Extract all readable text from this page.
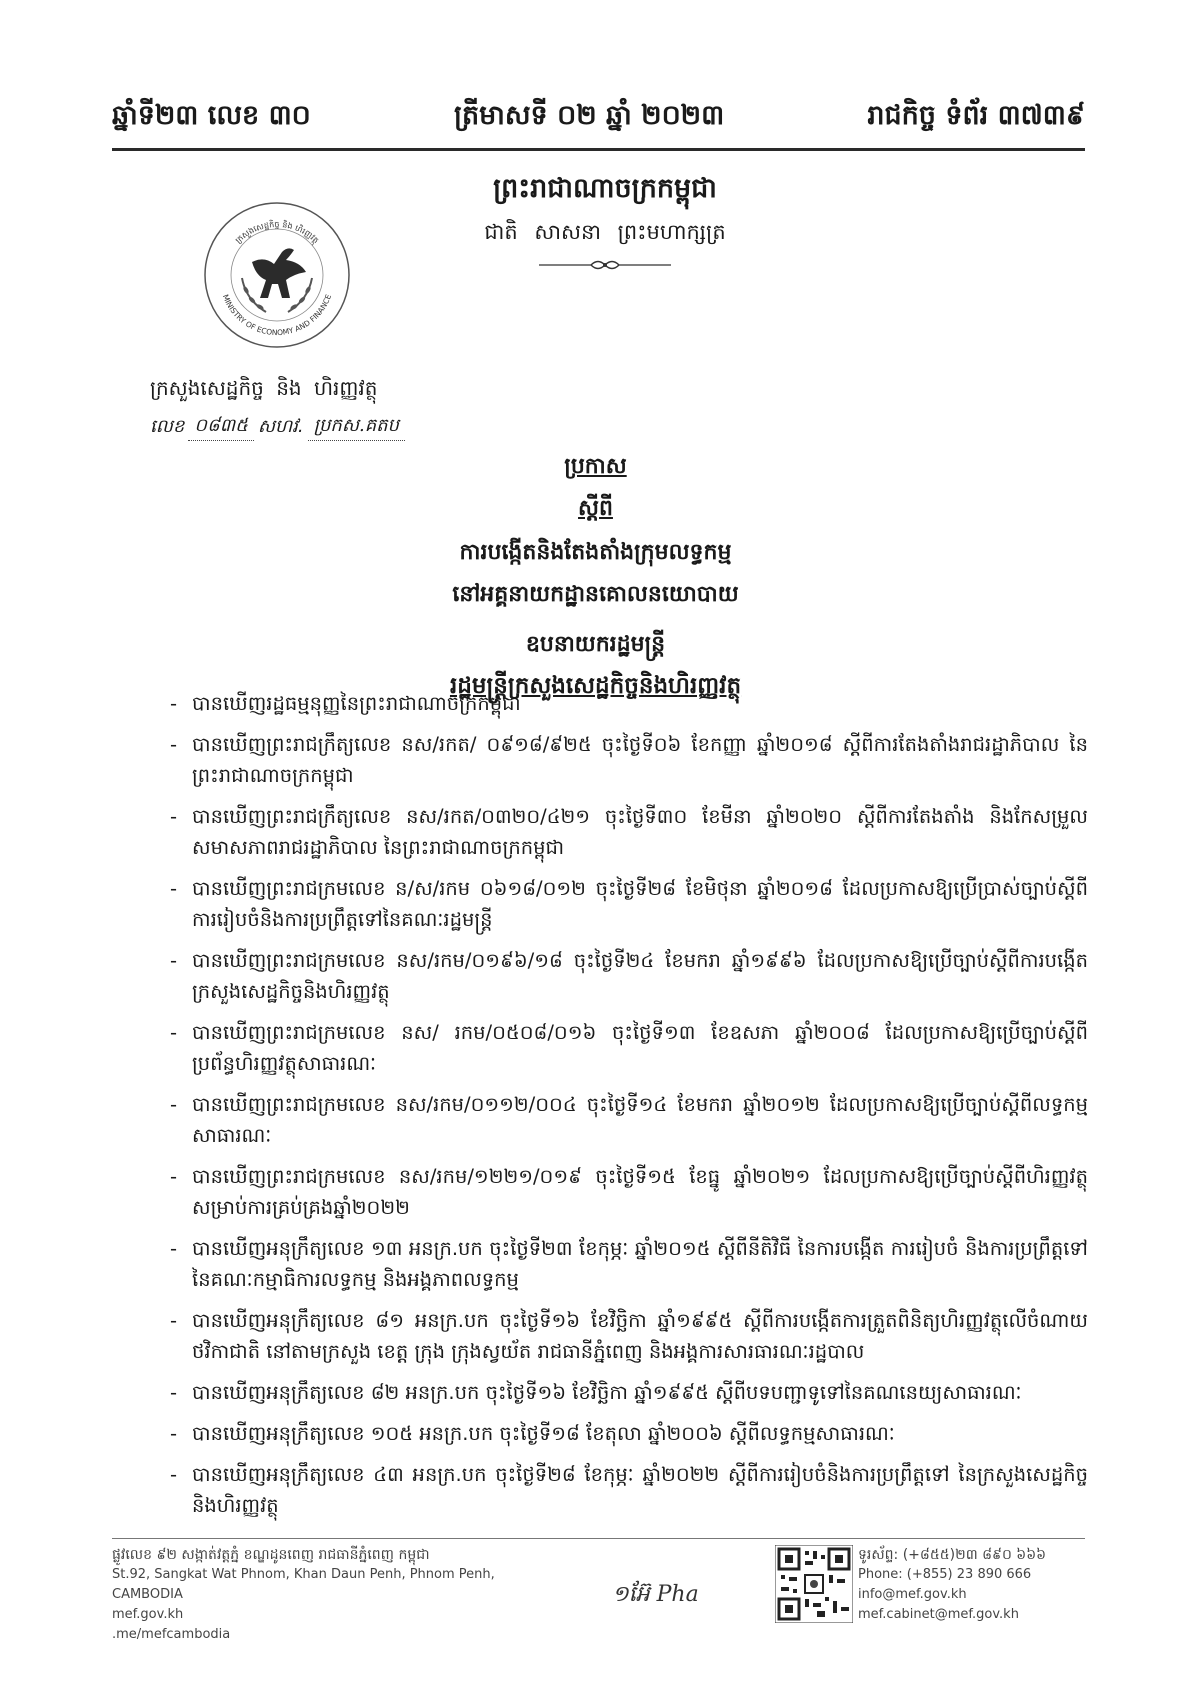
ឆ្នាំទី២៣ លេខ ៣០	ត្រីមាសទី ០២ ឆ្នាំ ២០២៣	រាជកិច្ច ទំព័រ ៣៧៣៩
ព្រះរាជាណាចក្រកម្ពុជា
ជាតិ សាសនា ព្រះមហាក្សត្រ
ក្រសួងសេដ្ឋកិច្ច និង ហិរញ្ញវត្ថុ
MINISTRY OF ECONOMY AND FINANCE
ក្រសួងសេដ្ឋកិច្ច និង ហិរញ្ញវត្ថុ
លេខ ០៨៣៥ សហវ. ប្រកស.គតប
ប្រកាស
ស្តីពី
ការបង្កើតនិងតែងតាំងក្រុមលទ្ធកម្ម
នៅអគ្គនាយកដ្ឋានគោលនយោបាយ
ឧបនាយករដ្ឋមន្ត្រី
រដ្ឋមន្ត្រីក្រសួងសេដ្ឋកិច្ចនិងហិរញ្ញវត្ថុ
- បានឃើញរដ្ឋធម្មនុញ្ញនៃព្រះរាជាណាចក្រកម្ពុជា
- បានឃើញព្រះរាជក្រឹត្យលេខ នស/រកត/ ០៩១៨/៩២៥ ចុះថ្ងៃទី០៦ ខែកញ្ញា ឆ្នាំ២០១៨ ស្តីពីការតែងតាំងរាជរដ្ឋាភិបាល នៃព្រះរាជាណាចក្រកម្ពុជា
- បានឃើញព្រះរាជក្រឹត្យលេខ នស/រកត/០៣២០/៤២១ ចុះថ្ងៃទី៣០ ខែមីនា ឆ្នាំ២០២០ ស្តីពីការតែងតាំង និងកែសម្រួលសមាសភាពរាជរដ្ឋាភិបាល នៃព្រះរាជាណាចក្រកម្ពុជា
- បានឃើញព្រះរាជក្រមលេខ ន/ស/រកម ០៦១៨/០១២ ចុះថ្ងៃទី២៨ ខែមិថុនា ឆ្នាំ២០១៨ ដែលប្រកាសឱ្យប្រើប្រាស់ច្បាប់ស្តីពីការរៀបចំនិងការប្រព្រឹត្តទៅនៃគណៈរដ្ឋមន្ត្រី
- បានឃើញព្រះរាជក្រមលេខ នស/រកម/០១៩៦/១៨ ចុះថ្ងៃទី២៤ ខែមករា ឆ្នាំ១៩៩៦ ដែលប្រកាសឱ្យប្រើច្បាប់ស្តីពីការបង្កើតក្រសួងសេដ្ឋកិច្ចនិងហិរញ្ញវត្ថុ
- បានឃើញព្រះរាជក្រមលេខ នស/ រកម/០៥០៨/០១៦ ចុះថ្ងៃទី១៣ ខែឧសភា ឆ្នាំ២០០៨ ដែលប្រកាសឱ្យប្រើច្បាប់ស្តីពីប្រព័ន្ធហិរញ្ញវត្ថុសាធារណៈ
- បានឃើញព្រះរាជក្រមលេខ នស/រកម/០១១២/០០៤ ចុះថ្ងៃទី១៤ ខែមករា ឆ្នាំ២០១២ ដែលប្រកាសឱ្យប្រើច្បាប់ស្តីពីលទ្ធកម្មសាធារណៈ
- បានឃើញព្រះរាជក្រមលេខ នស/រកម/១២២១/០១៩ ចុះថ្ងៃទី១៥ ខែធ្នូ ឆ្នាំ២០២១ ដែលប្រកាសឱ្យប្រើច្បាប់ស្តីពីហិរញ្ញវត្ថុសម្រាប់ការគ្រប់គ្រងឆ្នាំ២០២២
- បានឃើញអនុក្រឹត្យលេខ ១៣ អនក្រ.បក ចុះថ្ងៃទី២៣ ខែកុម្ភៈ ឆ្នាំ២០១៥ ស្តីពីនីតិវិធី នៃការបង្កើត ការរៀបចំ និងការប្រព្រឹត្តទៅ នៃគណៈកម្មាធិការលទ្ធកម្ម និងអង្គភាពលទ្ធកម្ម
- បានឃើញអនុក្រឹត្យលេខ ៨១ អនក្រ.បក ចុះថ្ងៃទី១៦ ខែវិច្ឆិកា ឆ្នាំ១៩៩៥ ស្តីពីការបង្កើតការត្រួតពិនិត្យហិរញ្ញវត្ថុលើចំណាយថវិកាជាតិ នៅតាមក្រសួង ខេត្ត ក្រុង ក្រុងស្វយ័ត រាជធានីភ្នំពេញ និងអង្គការសារធារណៈរដ្ឋបាល
- បានឃើញអនុក្រឹត្យលេខ ៨២ អនក្រ.បក ចុះថ្ងៃទី១៦ ខែវិច្ឆិកា ឆ្នាំ១៩៩៥ ស្តីពីបទបញ្ជាទូទៅនៃគណនេយ្យសាធារណៈ
- បានឃើញអនុក្រឹត្យលេខ ១០៥ អនក្រ.បក ចុះថ្ងៃទី១៨ ខែតុលា ឆ្នាំ២០០៦ ស្តីពីលទ្ធកម្មសាធារណៈ
- បានឃើញអនុក្រឹត្យលេខ ៤៣ អនក្រ.បក ចុះថ្ងៃទី២៨ ខែកុម្ភៈ ឆ្នាំ២០២២ ស្តីពីការរៀបចំនិងការប្រព្រឹត្តទៅ នៃក្រសួងសេដ្ឋកិច្ចនិងហិរញ្ញវត្ថុ
ផ្លូវលេខ ៩២ សង្កាត់វត្តភ្នំ ខណ្ឌដូនពេញ រាជធានីភ្នំពេញ កម្ពុជា
St.92, Sangkat Wat Phnom, Khan Daun Penh, Phnom Penh, CAMBODIA
mef.gov.kh
.me/mefcambodia
១អ៊ែ Pha
ទូរស័ព្ទ: (+៨៥៥)២៣ ៨៩០ ៦៦៦
Phone: (+855) 23 890 666
info@mef.gov.kh
mef.cabinet@mef.gov.kh
